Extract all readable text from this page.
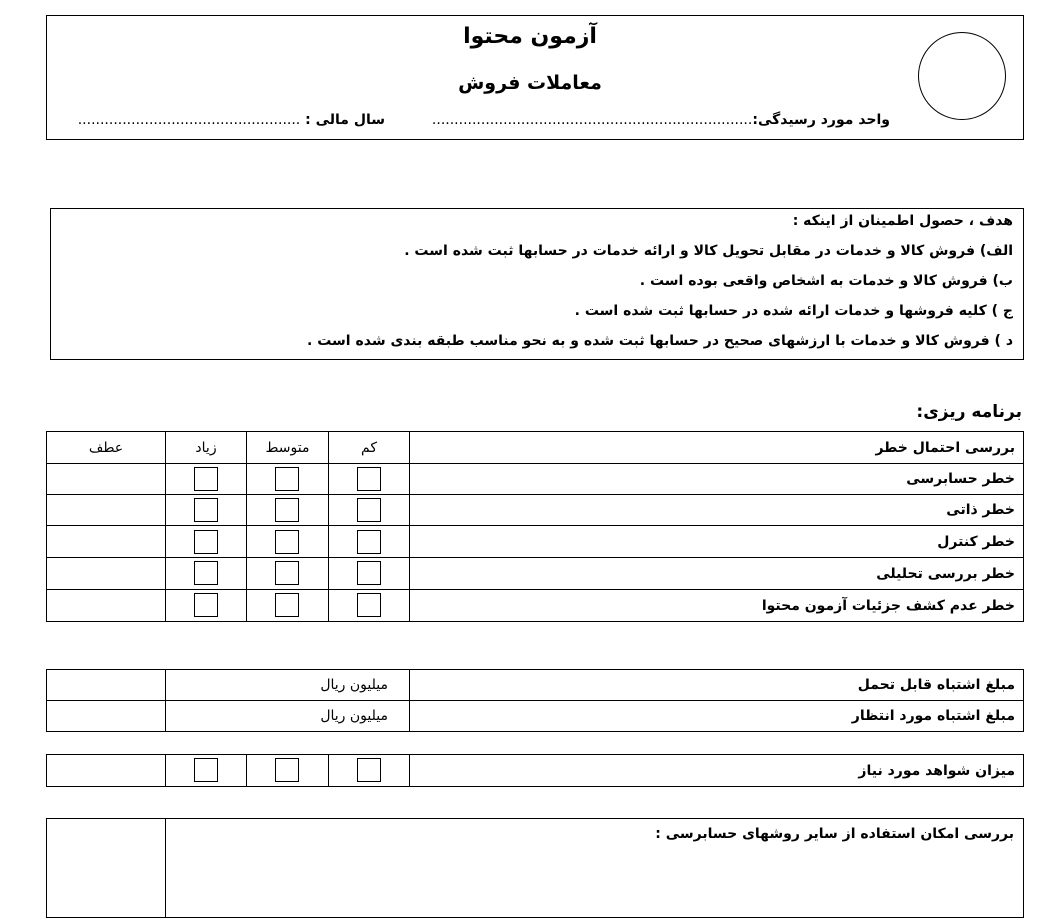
آزمون محتوا
معاملات فروش
واحد مورد رسیدگی:........................................................................
سال مالی : ..................................................
هدف ، حصول اطمینان از اینکه :
الف) فروش کالا و خدمات در مقابل تحویل کالا و ارائه خدمات در حسابها ثبت شده است .
ب) فروش کالا و خدمات به اشخاص واقعی بوده است .
ج ) کلیه فروشها و خدمات ارائه شده در حسابها ثبت شده است .
د ) فروش کالا و خدمات با ارزشهای صحیح در حسابها ثبت شده و به نحو مناسب طبقه بندی شده است .
برنامه ریزی:
بررسی احتمال خطر
کم
متوسط
زیاد
عطف
خطر حسابرسی
خطر ذاتی
خطر کنترل
خطر بررسی تحلیلی
خطر عدم کشف جزئیات آزمون محتوا
مبلغ اشتباه قابل تحمل
میلیون ریال
مبلغ اشتباه مورد انتظار
میلیون ریال
میزان شواهد مورد نیاز
بررسی امکان استفاده از سایر روشهای حسابرسی :
